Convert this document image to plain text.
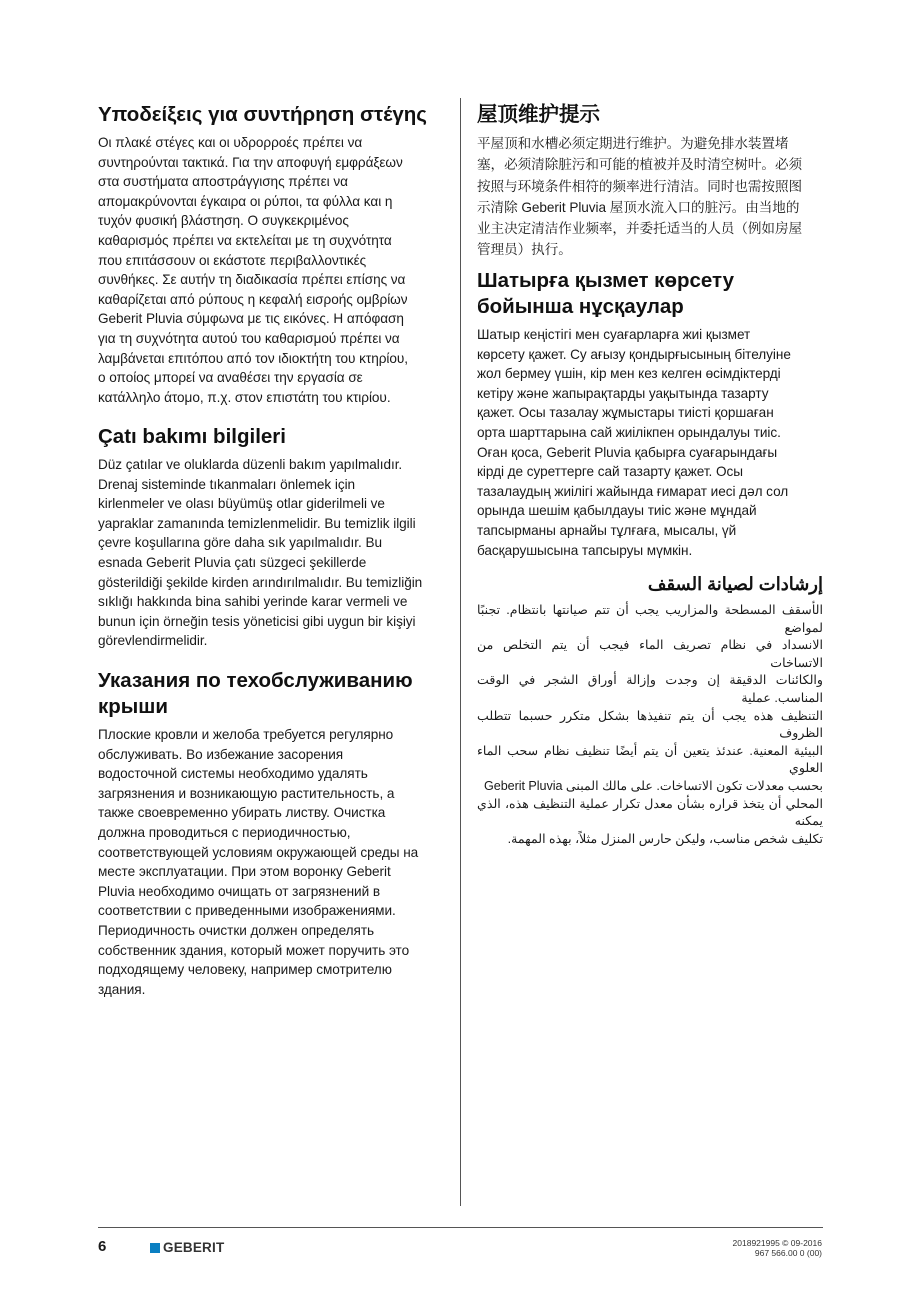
Υποδείξεις για συντήρηση στέγης

Οι πλακέ στέγες και οι υδρορροές πρέπει να
συντηρούνται τακτικά. Για την αποφυγή εμφράξεων
στα συστήματα αποστράγγισης πρέπει να
απομακρύνονται έγκαιρα οι ρύποι, τα φύλλα και η
τυχόν φυσική βλάστηση. Ο συγκεκριμένος
καθαρισμός πρέπει να εκτελείται με τη συχνότητα
που επιτάσσουν οι εκάστοτε περιβαλλοντικές
συνθήκες. Σε αυτήν τη διαδικασία πρέπει επίσης να
καθαρίζεται από ρύπους η κεφαλή εισροής ομβρίων
Geberit Pluvia σύμφωνα με τις εικόνες. Η απόφαση
για τη συχνότητα αυτού του καθαρισμού πρέπει να
λαμβάνεται επιτόπου από τον ιδιοκτήτη του κτηρίου,
ο οποίος μπορεί να αναθέσει την εργασία σε
κατάλληλο άτομο, π.χ. στον επιστάτη του κτιρίου.

Çatı bakımı bilgileri

Düz çatılar ve oluklarda düzenli bakım yapılmalıdır.
Drenaj sisteminde tıkanmaları önlemek için
kirlenmeler ve olası büyümüş otlar giderilmeli ve
yapraklar zamanında temizlenmelidir. Bu temizlik ilgili
çevre koşullarına göre daha sık yapılmalıdır. Bu
esnada Geberit Pluvia çatı süzgeci şekillerde
gösterildiği şekilde kirden arındırılmalıdır. Bu temizliğin
sıklığı hakkında bina sahibi yerinde karar vermeli ve
bunun için örneğin tesis yöneticisi gibi uygun bir kişiyi
görevlendirmelidir.

Указания по техобслуживанию
крыши

Плоские кровли и желоба требуется регулярно
обслуживать. Во избежание засорения
водосточной системы необходимо удалять
загрязнения и возникающую растительность, а
также своевременно убирать листву. Очистка
должна проводиться с периодичностью,
соответствующей условиям окружающей среды на
месте эксплуатации. При этом воронку Geberit
Pluvia необходимо очищать от загрязнений в
соответствии с приведенными изображениями.
Периодичность очистки должен определять
собственник здания, который может поручить это
подходящему человеку, например смотрителю
здания.

屋顶维护提示

平屋顶和水槽必须定期进行维护。为避免排水装置堵
塞，必须清除脏污和可能的植被并及时清空树叶。必须
按照与环境条件相符的频率进行清洁。同时也需按照图
示清除 Geberit Pluvia 屋顶水流入口的脏污。由当地的
业主决定清洁作业频率，并委托适当的人员（例如房屋
管理员）执行。

Шатырға қызмет көрсету
бойынша нұсқаулар

Шатыр кеңістігі мен суағарларға жиі қызмет
көрсету қажет. Су ағызу қондырғысының бітелуіне
жол бермеу үшін, кір мен кез келген өсімдіктерді
кетіру және жапырақтарды уақытында тазарту
қажет. Осы тазалау жұмыстары тиісті қоршаған
орта шарттарына сай жиілікпен орындалуы тиіс.
Оған қоса, Geberit Pluvia қабырға суағарындағы
кірді де суреттерге сай тазарту қажет. Осы
тазалаудың жиілігі жайында ғимарат иесі дәл сол
орында шешім қабылдауы тиіс және мұндай
тапсырманы арнайы тұлғаға, мысалы, үй
басқарушысына тапсыруы мүмкін.

إرشادات لصيانة السقف

الأسقف المسطحة والمزاريب يجب أن تتم صيانتها بانتظام. تجنبًا لمواضع
الانسداد في نظام تصريف الماء فيجب أن يتم التخلص من الاتساخات
والكائنات الدقيقة إن وجدت وإزالة أوراق الشجر في الوقت المناسب. عملية
التنظيف هذه يجب أن يتم تنفيذها بشكل متكرر حسبما تتطلب الظروف
البيئية المعنية. عندئذ يتعين أن يتم أيضًا تنظيف نظام سحب الماء العلوي
بحسب معدلات تكون الاتساخات. على مالك المبنى Geberit Pluvia
المحلي أن يتخذ قراره بشأن معدل تكرار عملية التنظيف هذه، الذي يمكنه
تكليف شخص مناسب، وليكن حارس المنزل مثلاً، بهذه المهمة.

6	GEBERIT	2018921995 © 09-2016
967 566.00 0 (00)
